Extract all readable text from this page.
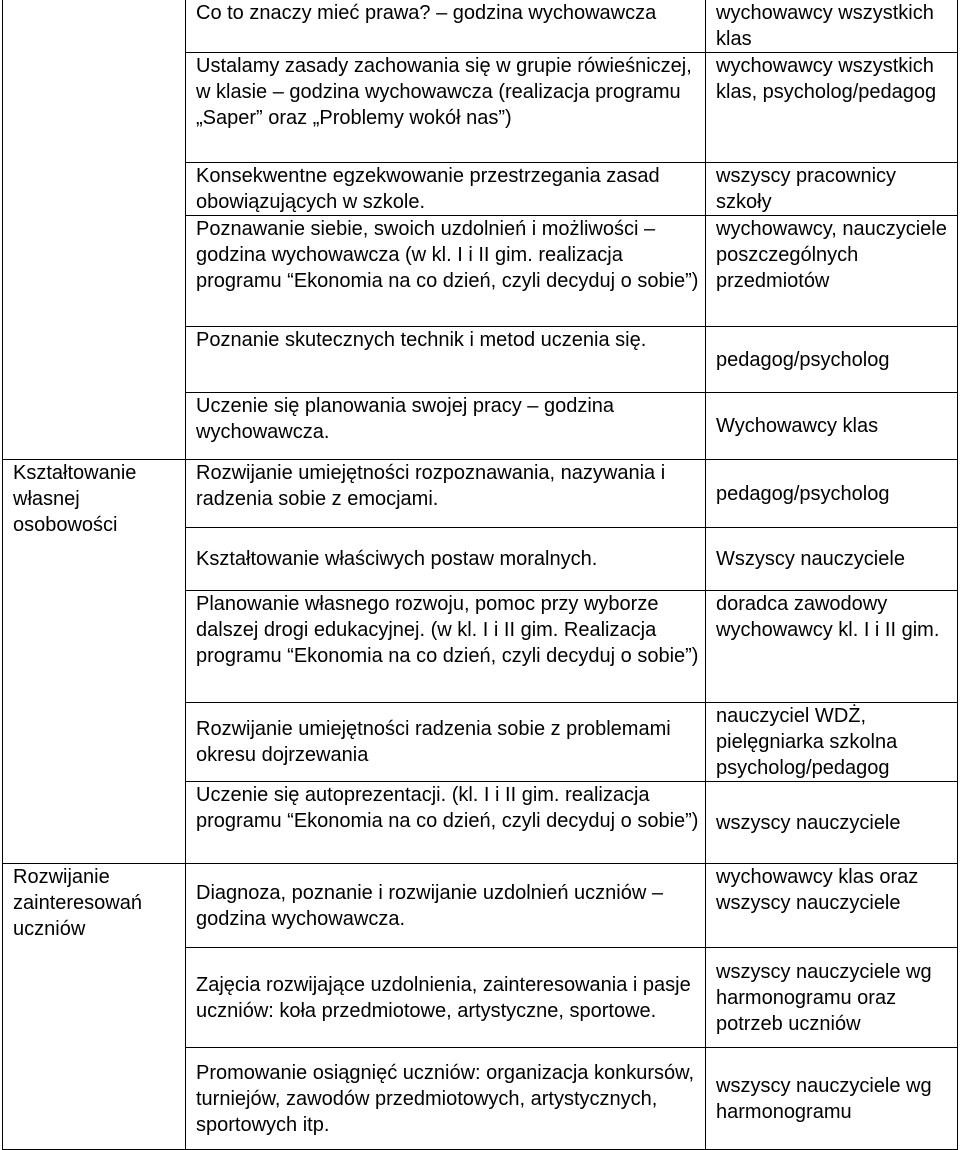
	Co to znaczy mieć prawa? – godzina wychowawcza	wychowawcy wszystkich klas
	Ustalamy zasady zachowania się w grupie rówieśniczej, w klasie – godzina wychowawcza (realizacja programu „Saper” oraz „Problemy wokół nas”)	wychowawcy wszystkich klas, psycholog/pedagog
	Konsekwentne egzekwowanie przestrzegania zasad obowiązujących w szkole.	wszyscy pracownicy szkoły
	Poznawanie siebie, swoich uzdolnień i możliwości – godzina wychowawcza (w kl. I i II gim. realizacja programu “Ekonomia na co dzień, czyli decyduj o sobie”)	wychowawcy, nauczyciele poszczególnych przedmiotów
	Poznanie skutecznych technik i metod uczenia się.	pedagog/psycholog
	Uczenie się planowania swojej pracy – godzina wychowawcza.	Wychowawcy klas
Kształtowanie własnej osobowości	Rozwijanie umiejętności rozpoznawania, nazywania i radzenia sobie z emocjami.	pedagog/psycholog
	Kształtowanie właściwych postaw moralnych.	Wszyscy nauczyciele
	Planowanie własnego rozwoju, pomoc przy wyborze dalszej drogi edukacyjnej. (w kl. I i II gim. Realizacja programu “Ekonomia na co dzień, czyli decyduj o sobie”)	doradca zawodowy wychowawcy kl. I i II gim.
	Rozwijanie umiejętności radzenia sobie z problemami okresu dojrzewania	nauczyciel WDŻ, pielęgniarka szkolna psycholog/pedagog
	Uczenie się autoprezentacji. (kl. I i II gim. realizacja programu “Ekonomia na co dzień, czyli decyduj o sobie”)	wszyscy nauczyciele
Rozwijanie zainteresowań uczniów	Diagnoza, poznanie i rozwijanie uzdolnień uczniów – godzina wychowawcza.	wychowawcy klas oraz wszyscy nauczyciele
	Zajęcia rozwijające uzdolnienia, zainteresowania i pasje uczniów: koła przedmiotowe, artystyczne, sportowe.	wszyscy nauczyciele wg harmonogramu oraz potrzeb uczniów
	Promowanie osiągnięć uczniów: organizacja konkursów, turniejów, zawodów przedmiotowych, artystycznych, sportowych itp.	wszyscy nauczyciele wg harmonogramu
